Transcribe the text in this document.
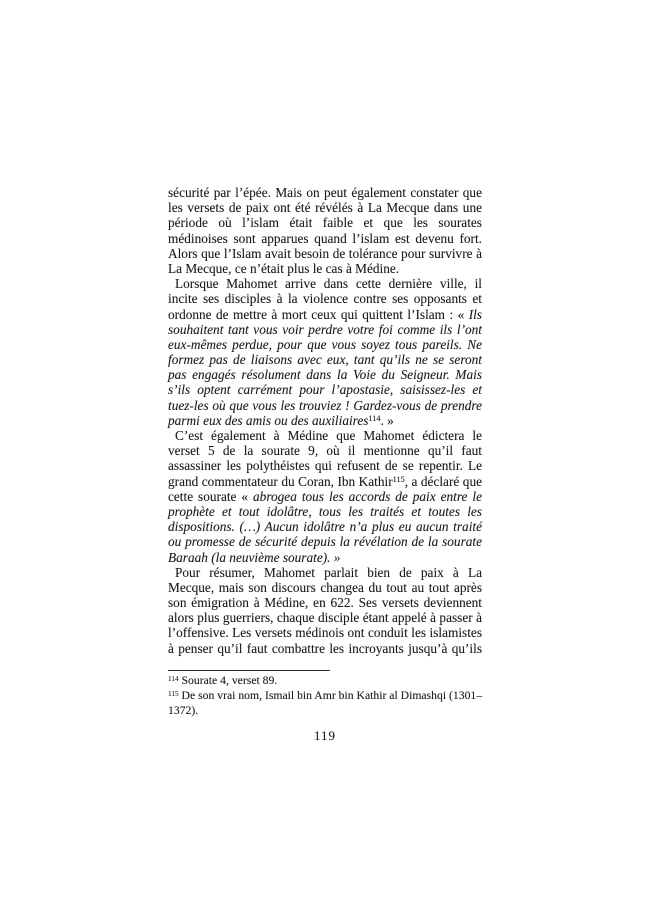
sécurité par l’épée. Mais on peut également constater que
les versets de paix ont été révélés à La Mecque dans une
période où l’islam était faible et que les sourates
médinoises sont apparues quand l’islam est devenu fort.
Alors que l’Islam avait besoin de tolérance pour survivre à
La Mecque, ce n’était plus le cas à Médine.
Lorsque Mahomet arrive dans cette dernière ville, il
incite ses disciples à la violence contre ses opposants et
ordonne de mettre à mort ceux qui quittent l’Islam : « Ils
souhaitent tant vous voir perdre votre foi comme ils l’ont
eux-mêmes perdue, pour que vous soyez tous pareils. Ne
formez pas de liaisons avec eux, tant qu’ils ne se seront
pas engagés résolument dans la Voie du Seigneur. Mais
s’ils optent carrément pour l’apostasie, saisissez-les et
tuez-les où que vous les trouviez ! Gardez-vous de prendre
parmi eux des amis ou des auxiliaires$^{114}$. »
C’est également à Médine que Mahomet édictera le
verset 5 de la sourate 9, où il mentionne qu’il faut
assassiner les polythéistes qui refusent de se repentir. Le
grand commentateur du Coran, Ibn Kathir$^{115}$, a déclaré que
cette sourate « abrogea tous les accords de paix entre le
prophète et tout idolâtre, tous les traités et toutes les
dispositions. (…) Aucun idolâtre n’a plus eu aucun traité
ou promesse de sécurité depuis la révélation de la sourate
Baraah (la neuvième sourate). »
Pour résumer, Mahomet parlait bien de paix à La
Mecque, mais son discours changea du tout au tout après
son émigration à Médine, en 622. Ses versets deviennent
alors plus guerriers, chaque disciple étant appelé à passer à
l’offensive. Les versets médinois ont conduit les islamistes
à penser qu’il faut combattre les incroyants jusqu’à qu’ils
$^{114}$ Sourate 4, verset 89.
$^{115}$ De son vrai nom, Ismail bin Amr bin Kathir al Dimashqi (1301–
1372).
119
